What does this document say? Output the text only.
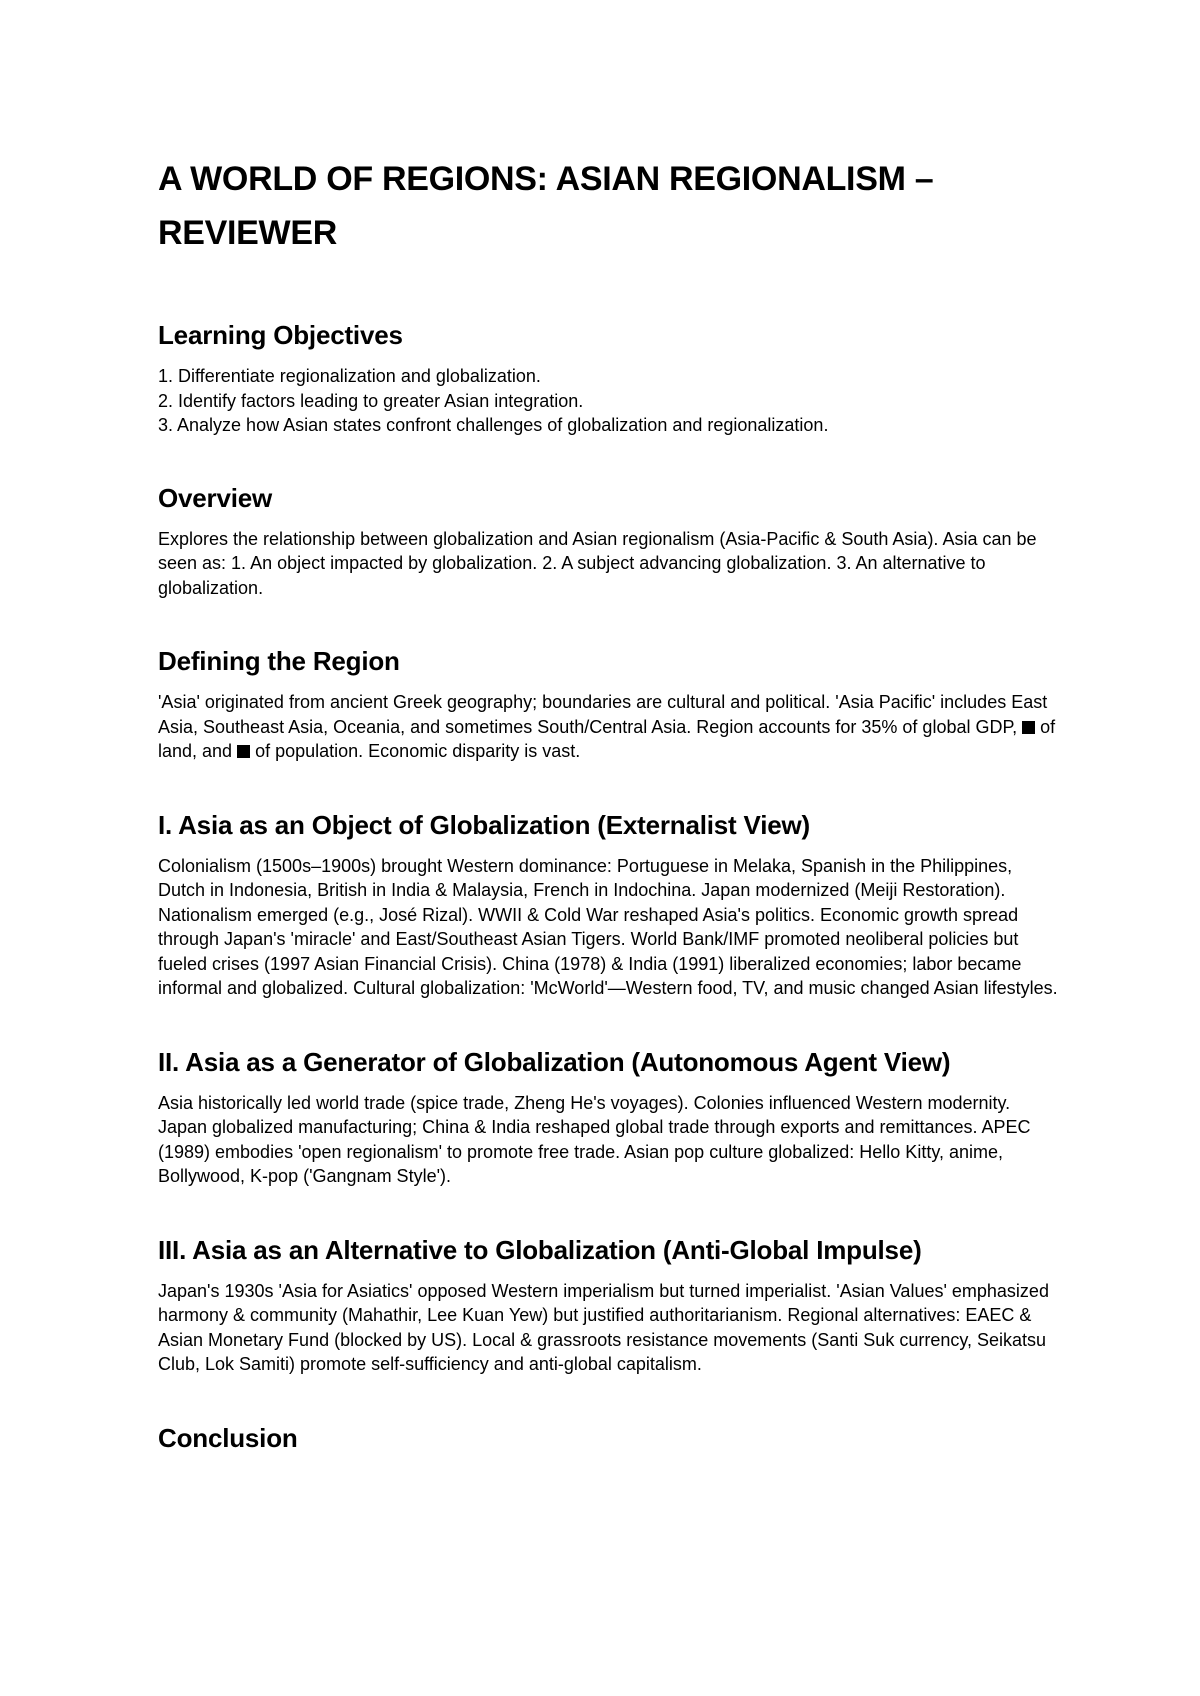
A WORLD OF REGIONS: ASIAN REGIONALISM – REVIEWER
Learning Objectives
1. Differentiate regionalization and globalization.
2. Identify factors leading to greater Asian integration.
3. Analyze how Asian states confront challenges of globalization and regionalization.
Overview

Explores the relationship between globalization and Asian regionalism (Asia-Pacific & South Asia). Asia can be seen as: 1. An object impacted by globalization. 2. A subject advancing globalization. 3. An alternative to globalization.

Defining the Region

'Asia' originated from ancient Greek geography; boundaries are cultural and political. 'Asia Pacific' includes East Asia, Southeast Asia, Oceania, and sometimes South/Central Asia. Region accounts for 35% of global GDP,  of land, and  of population. Economic disparity is vast.

I. Asia as an Object of Globalization (Externalist View)

Colonialism (1500s–1900s) brought Western dominance: Portuguese in Melaka, Spanish in the Philippines, Dutch in Indonesia, British in India & Malaysia, French in Indochina. Japan modernized (Meiji Restoration). Nationalism emerged (e.g., José Rizal). WWII & Cold War reshaped Asia's politics. Economic growth spread through Japan's 'miracle' and East/Southeast Asian Tigers. World Bank/IMF promoted neoliberal policies but fueled crises (1997 Asian Financial Crisis). China (1978) & India (1991) liberalized economies; labor became informal and globalized. Cultural globalization: 'McWorld'—Western food, TV, and music changed Asian lifestyles.

II. Asia as a Generator of Globalization (Autonomous Agent View)

Asia historically led world trade (spice trade, Zheng He's voyages). Colonies influenced Western modernity. Japan globalized manufacturing; China & India reshaped global trade through exports and remittances. APEC (1989) embodies 'open regionalism' to promote free trade. Asian pop culture globalized: Hello Kitty, anime, Bollywood, K-pop ('Gangnam Style').

III. Asia as an Alternative to Globalization (Anti-Global Impulse)

Japan's 1930s 'Asia for Asiatics' opposed Western imperialism but turned imperialist. 'Asian Values' emphasized harmony & community (Mahathir, Lee Kuan Yew) but justified authoritarianism. Regional alternatives: EAEC & Asian Monetary Fund (blocked by US). Local & grassroots resistance movements (Santi Suk currency, Seikatsu Club, Lok Samiti) promote self-sufficiency and anti-global capitalism.

Conclusion
